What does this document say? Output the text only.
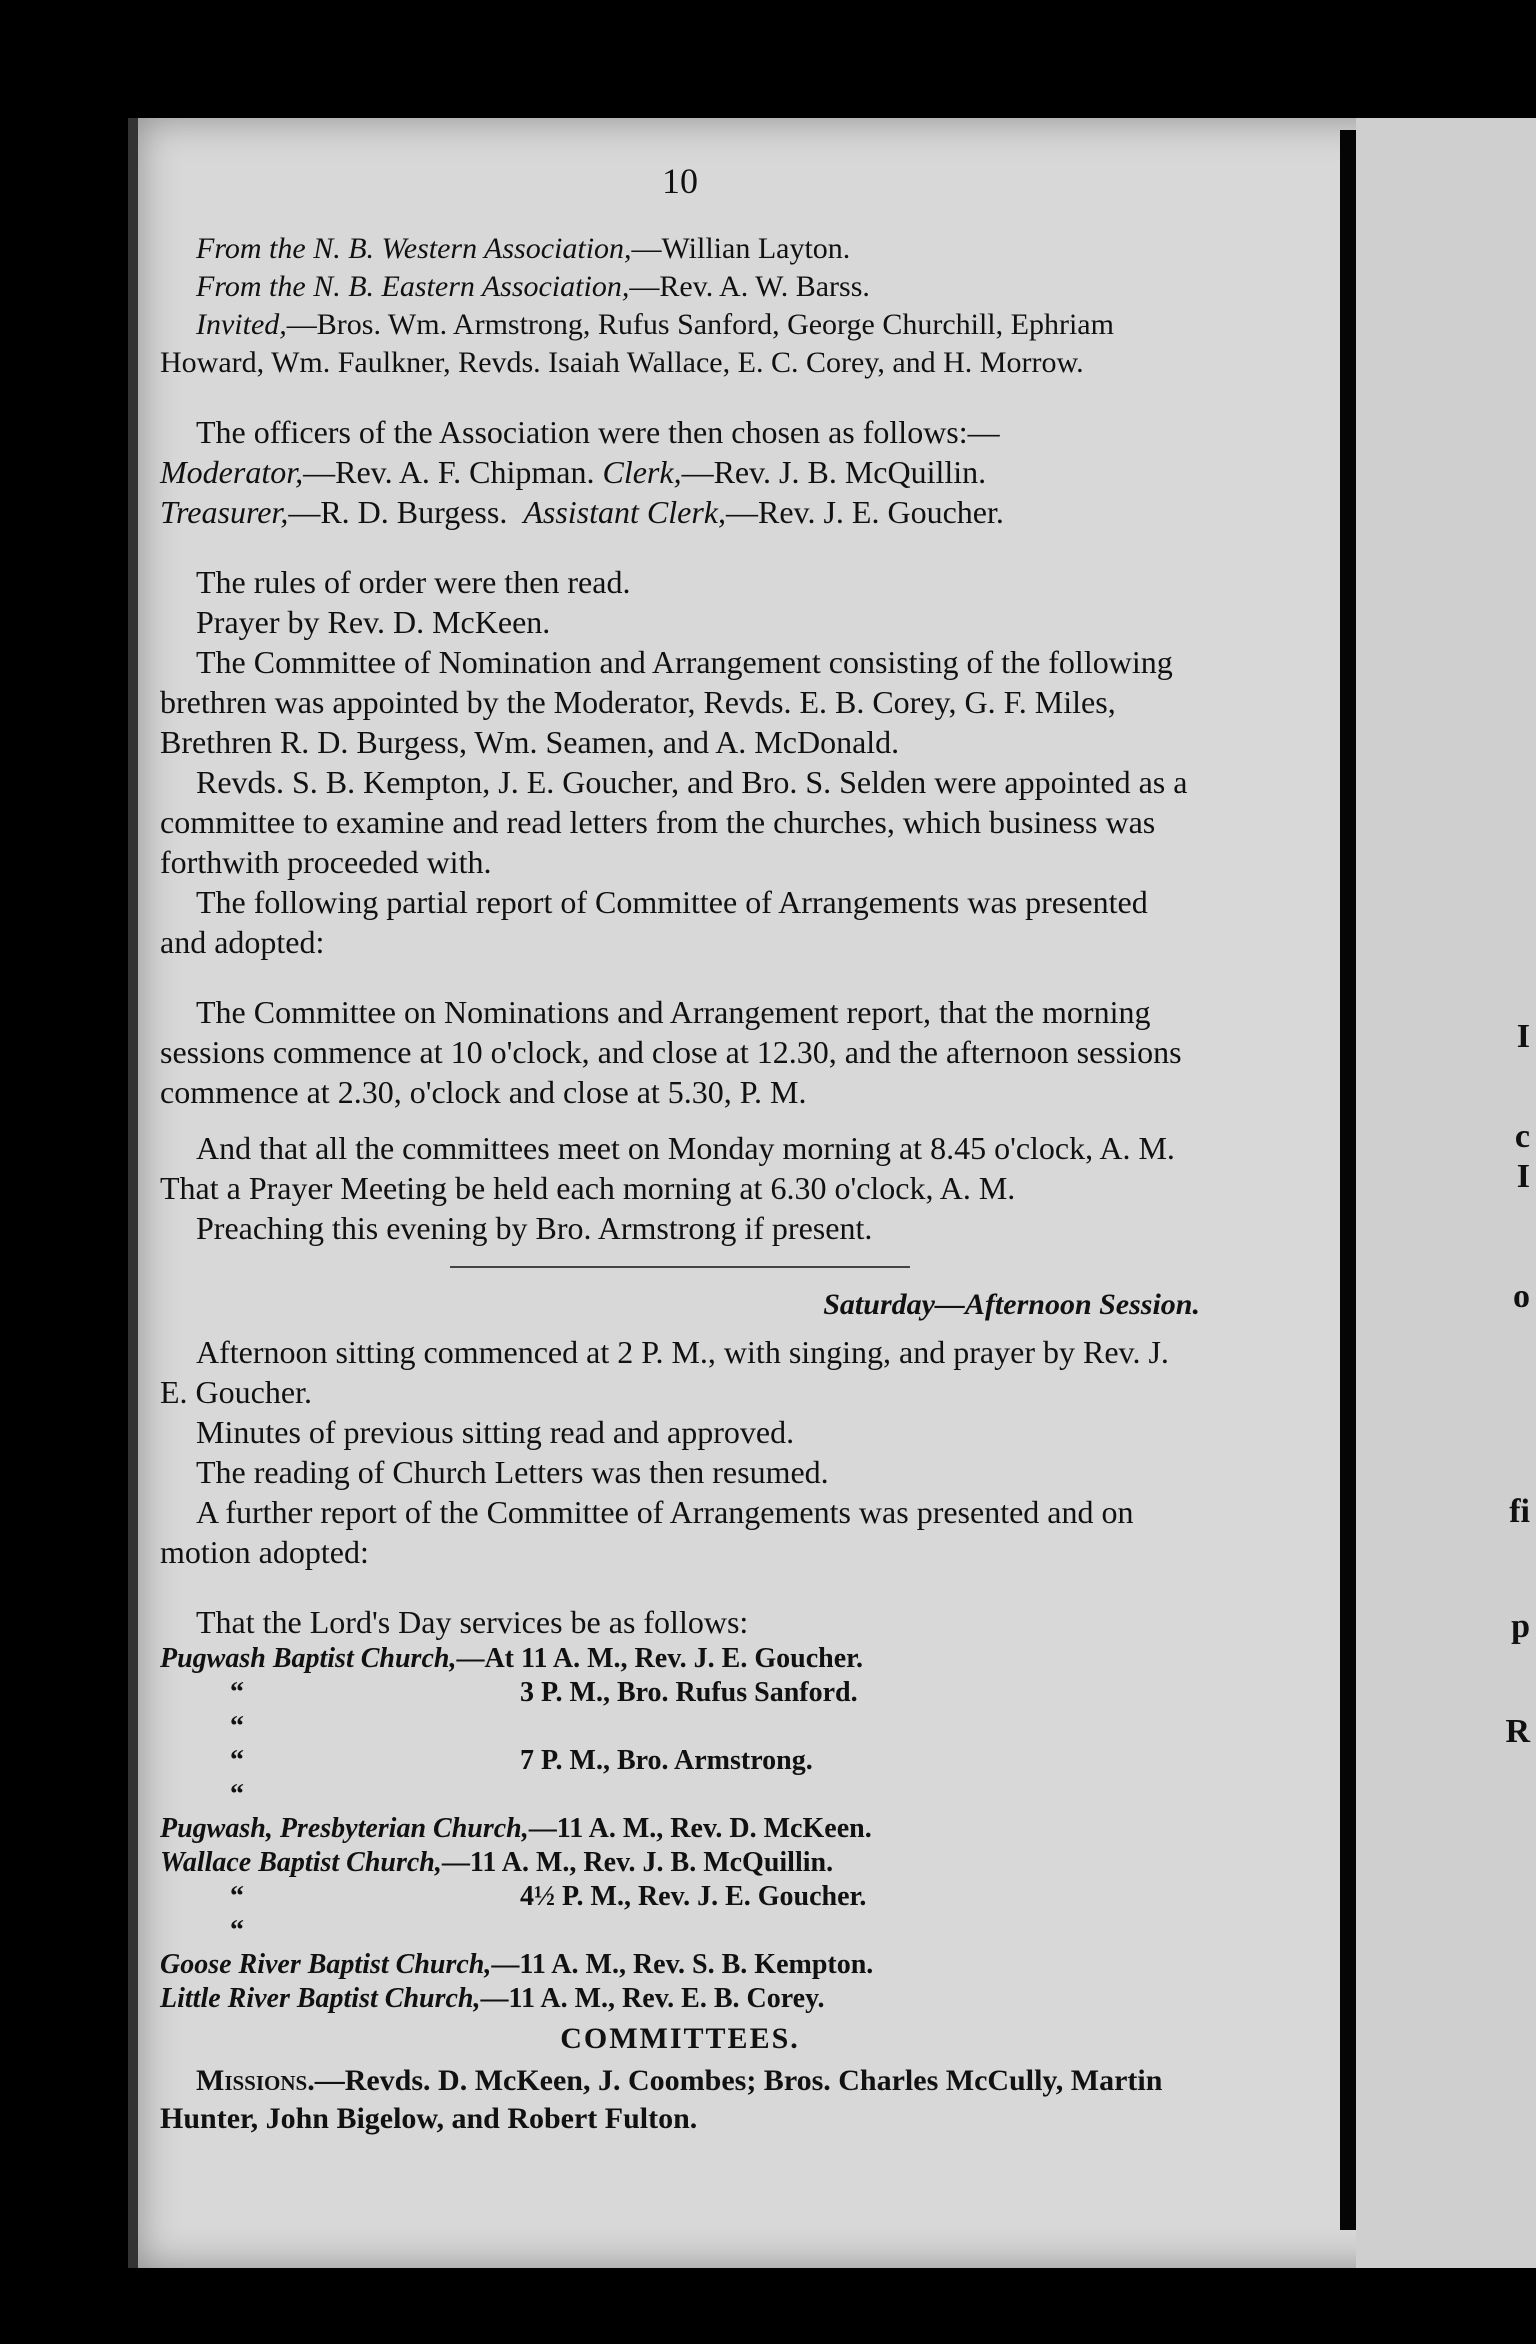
I
c
I
o
fi
p
R
10

From the N. B. Western Association,—Willian Layton.

From the N. B. Eastern Association,—Rev. A. W. Barss.

Invited,—Bros. Wm. Armstrong, Rufus Sanford, George Churchill, Ephriam Howard, Wm. Faulkner, Revds. Isaiah Wallace, E. C. Corey, and H. Morrow.

The officers of the Association were then chosen as follows:—

Moderator,—Rev. A. F. Chipman. Clerk,—Rev. J. B. McQuillin.

Treasurer,—R. D. Burgess. Assistant Clerk,—Rev. J. E. Goucher.

The rules of order were then read.

Prayer by Rev. D. McKeen.

The Committee of Nomination and Arrangement consisting of the following brethren was appointed by the Moderator, Revds. E. B. Corey, G. F. Miles, Brethren R. D. Burgess, Wm. Seamen, and A. McDonald.

Revds. S. B. Kempton, J. E. Goucher, and Bro. S. Selden were appointed as a committee to examine and read letters from the churches, which business was forthwith proceeded with.

The following partial report of Committee of Arrangements was presented and adopted:

The Committee on Nominations and Arrangement report, that the morning sessions commence at 10 o'clock, and close at 12.30, and the afternoon sessions commence at 2.30, o'clock and close at 5.30, P. M.

And that all the committees meet on Monday morning at 8.45 o'clock, A. M. That a Prayer Meeting be held each morning at 6.30 o'clock, A. M.

Preaching this evening by Bro. Armstrong if present.

Saturday—Afternoon Session.

Afternoon sitting commenced at 2 P. M., with singing, and prayer by Rev. J. E. Goucher.

Minutes of previous sitting read and approved.

The reading of Church Letters was then resumed.

A further report of the Committee of Arrangements was presented and on motion adopted:

That the Lord's Day services be as follows:

Pugwash Baptist Church, —At 11 A. M., Rev. J. E. Goucher.
“ “
3 P. M., Bro. Rufus Sanford.
“ “
7 P. M., Bro. Armstrong.
Pugwash, Presbyterian Church, —11 A. M., Rev. D. McKeen.
Wallace Baptist Church, —11 A. M., Rev. J. B. McQuillin.
“ “
4½ P. M., Rev. J. E. Goucher.
Goose River Baptist Church, —11 A. M., Rev. S. B. Kempton.
Little River Baptist Church, —11 A. M., Rev. E. B. Corey.
COMMITTEES.

Missions.—Revds. D. McKeen, J. Coombes; Bros. Charles McCully, Martin Hunter, John Bigelow, and Robert Fulton.
